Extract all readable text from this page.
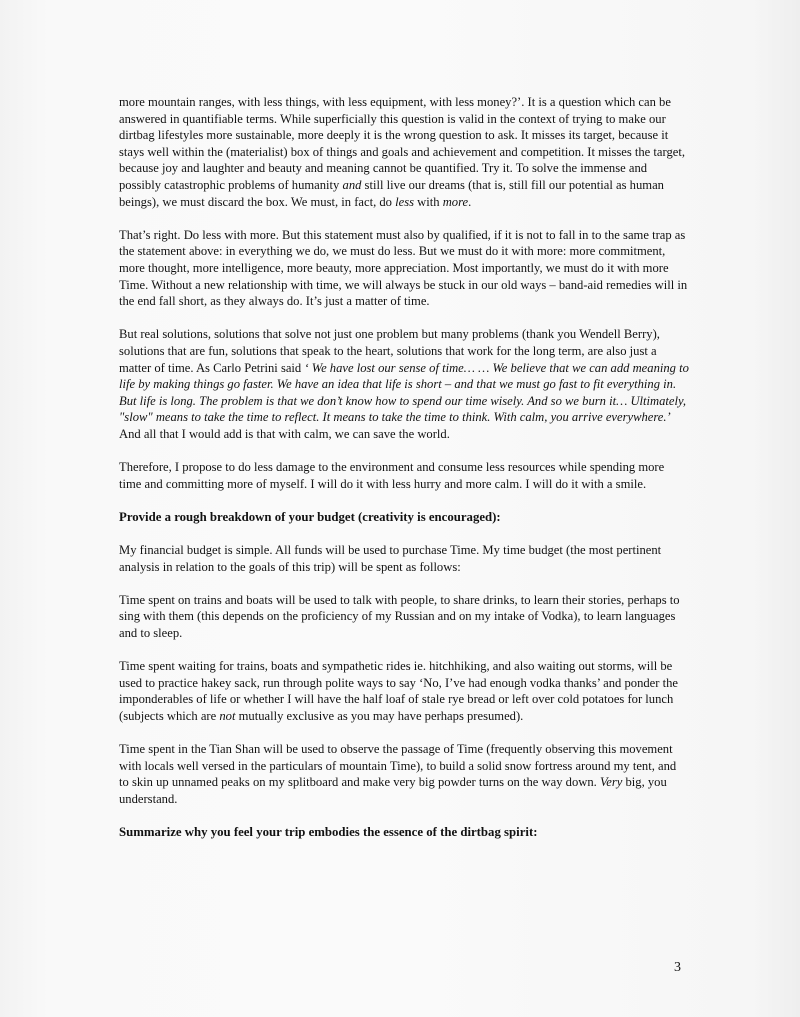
more mountain ranges, with less things, with less equipment, with less money?’. It is a question which can be answered in quantifiable terms. While superficially this question is valid in the context of trying to make our dirtbag lifestyles more sustainable, more deeply it is the wrong question to ask. It misses its target, because it stays well within the (materialist) box of things and goals and achievement and competition. It misses the target, because joy and laughter and beauty and meaning cannot be quantified. Try it. To solve the immense and possibly catastrophic problems of humanity and still live our dreams (that is, still fill our potential as human beings), we must discard the box. We must, in fact, do less with more.

That’s right. Do less with more. But this statement must also by qualified, if it is not to fall in to the same trap as the statement above: in everything we do, we must do less. But we must do it with more: more commitment, more thought, more intelligence, more beauty, more appreciation. Most importantly, we must do it with more Time. Without a new relationship with time, we will always be stuck in our old ways – band-aid remedies will in the end fall short, as they always do. It’s just a matter of time.

But real solutions, solutions that solve not just one problem but many problems (thank you Wendell Berry), solutions that are fun, solutions that speak to the heart, solutions that work for the long term, are also just a matter of time. As Carlo Petrini said ‘ We have lost our sense of time… … We believe that we can add meaning to life by making things go faster. We have an idea that life is short – and that we must go fast to fit everything in. But life is long. The problem is that we don’t know how to spend our time wisely. And so we burn it… Ultimately, "slow" means to take the time to reflect. It means to take the time to think. With calm, you arrive everywhere.’ And all that I would add is that with calm, we can save the world.

Therefore, I propose to do less damage to the environment and consume less resources while spending more time and committing more of myself. I will do it with less hurry and more calm. I will do it with a smile.

Provide a rough breakdown of your budget (creativity is encouraged):

My financial budget is simple. All funds will be used to purchase Time. My time budget (the most pertinent analysis in relation to the goals of this trip) will be spent as follows:

Time spent on trains and boats will be used to talk with people, to share drinks, to learn their stories, perhaps to sing with them (this depends on the proficiency of my Russian and on my intake of Vodka), to learn languages and to sleep.

Time spent waiting for trains, boats and sympathetic rides ie. hitchhiking, and also waiting out storms, will be used to practice hakey sack, run through polite ways to say ‘No, I’ve had enough vodka thanks’ and ponder the imponderables of life or whether I will have the half loaf of stale rye bread or left over cold potatoes for lunch (subjects which are not mutually exclusive as you may have perhaps presumed).

Time spent in the Tian Shan will be used to observe the passage of Time (frequently observing this movement with locals well versed in the particulars of mountain Time), to build a solid snow fortress around my tent, and to skin up unnamed peaks on my splitboard and make very big powder turns on the way down. Very big, you understand.

Summarize why you feel your trip embodies the essence of the dirtbag spirit:

3
